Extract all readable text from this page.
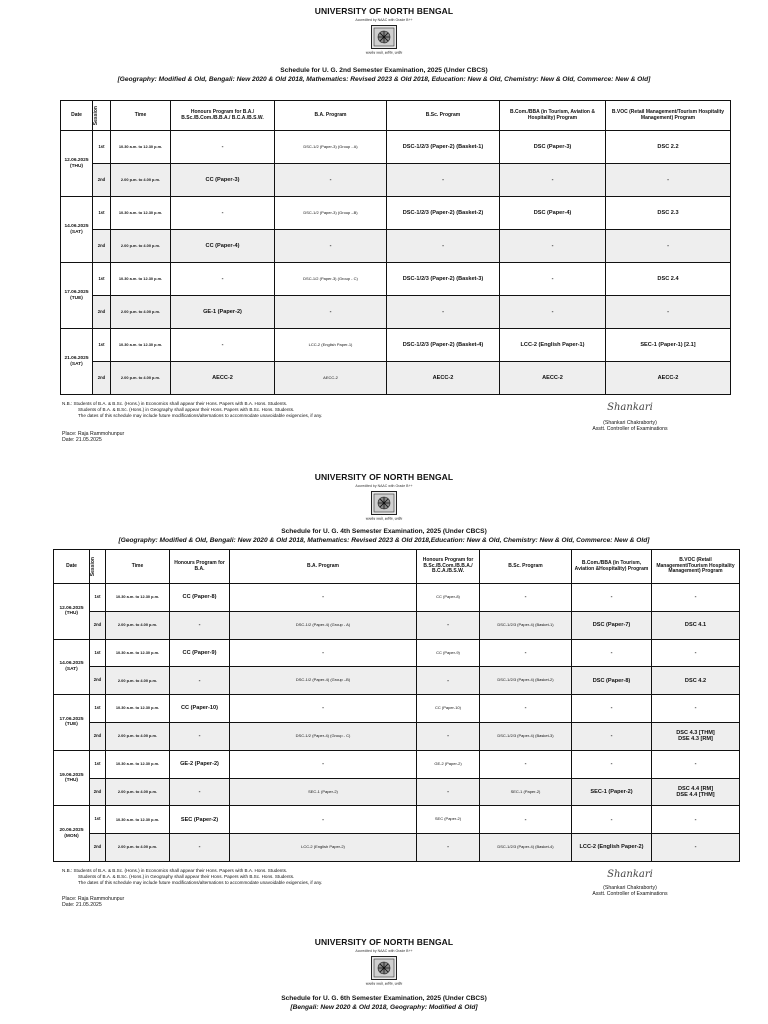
UNIVERSITY OF NORTH BENGAL
Accredited by NAAC with Grade B++
सत्यमेव जयते, शान्तिः, प्रगतिः
Schedule for U. G. 2nd Semester Examination, 2025 (Under CBCS)
[Geography: Modified & Old, Bengali: New 2020 & Old 2018, Mathematics: Revised 2023 & Old 2018, Education: New & Old, Chemistry: New & Old, Commerce: New & Old]
Date	Session	Time	Honours Program for B.A./ B.Sc./B.Com./B.B.A./ B.C.A./B.S.W.	B.A. Program	B.Sc. Program	B.Com./BBA (in Tourism, Aviation & Hospitality) Program	B.VOC (Retail Management/Tourism Hospitality Management) Program

12.06.2025
(THU)	1st	10.30 a.m. to 12.30 p.m.	-	DSC-1/2 (Paper-3) (Group - A)	DSC-1/2/3 (Paper-2) (Basket-1)	DSC (Paper-3)	DSC 2.2
	2nd	2.00 p.m. to 4.00 p.m.	CC (Paper-3)	-	-	-	-

14.06.2025
(SAT)	1st	10.30 a.m. to 12.30 p.m.	-	DSC-1/2 (Paper-3) (Group –B)	DSC-1/2/3 (Paper-2) (Basket-2)	DSC (Paper-4)	DSC 2.3
	2nd	2.00 p.m. to 4.00 p.m.	CC (Paper-4)	-	-	-	-

17.06.2025
(TUE)	1st	10.30 a.m. to 12.30 p.m.	-	DSC-1/2 (Paper-3) (Group - C)	DSC-1/2/3 (Paper-2) (Basket-3)	-	DSC 2.4
	2nd	2.00 p.m. to 4.00 p.m.	GE-1 (Paper-2)	-	-	-	-

21.06.2025
(SAT)	1st	10.30 a.m. to 12.30 p.m.	-	LCC-2 (English Paper-1)	DSC-1/2/3 (Paper-2) (Basket-4)	LCC-2 (English Paper-1)	SEC-1 (Paper-1) [2.1]
	2nd	2.00 p.m. to 4.00 p.m.	AECC-2	AECC-2	AECC-2	AECC-2	AECC-2
N.B.: Students of B.A. & B.Sc. (Hons.) in Economics shall appear their Hons. Papers with B.A. Hons. Students.
Students of B.A. & B.Sc. (Hons.) in Geography shall appear their Hons. Papers with B.Sc. Hons. Students.
The dates of this schedule may include future modifications/alternations to accommodate unavoidable exigencies, if any.
Place: Raja Rammohunpur
Date: 21.05.2025
Shankari
(Shankari Chakraborty)
Asstt. Controller of Examinations
UNIVERSITY OF NORTH BENGAL
Accredited by NAAC with Grade B++
सत्यमेव जयते, शान्तिः, प्रगतिः
Schedule for U. G. 4th Semester Examination, 2025 (Under CBCS)
[Geography: Modified & Old, Bengali: New 2020 & Old 2018, Mathematics: Revised 2023 & Old 2018,Education: New & Old, Chemistry: New & Old, Commerce: New & Old]
Date	Session	Time	Honours Program for B.A.	B.A. Program	Honours Program for B.Sc./B.Com./B.B.A./ B.C.A./B.S.W.	B.Sc. Program	B.Com./BBA (in Tourism, Aviation &Hospitality) Program	B.VOC (Retail Management/Tourism Hospitality Management) Program

12.06.2025
(THU)	1st	10.30 a.m. to 12.30 p.m.	CC (Paper-8)	-	CC (Paper-8)	-	-	-
	2nd	2.00 p.m. to 4.00 p.m.	-	DSC-1/2 (Paper-4) (Group - A)	-	DSC-1/2/3 (Paper-4) (Basket-1)	DSC (Paper-7)	DSC 4.1

14.06.2025
(SAT)	1st	10.30 a.m. to 12.30 p.m.	CC (Paper-9)	-	CC (Paper-9)	-	-	-
	2nd	2.00 p.m. to 4.00 p.m.	-	DSC-1/2 (Paper-4) (Group –B)	-	DSC-1/2/3 (Paper-4) (Basket-2)	DSC (Paper-8)	DSC 4.2

17.06.2025
(TUE)	1st	10.30 a.m. to 12.30 p.m.	CC (Paper-10)	-	CC (Paper-10)	-	-	-
	2nd	2.00 p.m. to 4.00 p.m.	-	DSC-1/2 (Paper-4) (Group - C)	-	DSC-1/2/3 (Paper-4) (Basket-3)	-	DSC 4.3 [THM]
DSE 4.3 [RM]

19.06.2025
(THU)	1st	10.30 a.m. to 12.30 p.m.	GE-2 (Paper-2)	-	GE-2 (Paper-2)	-	-	-
	2nd	2.00 p.m. to 4.00 p.m.	-	SEC-1 (Paper-2)	-	SEC-1 (Paper-2)	SEC-1 (Paper-2)	DSC 4.4 [RM]
DSE 4.4 [THM]

20.06.2025
(MON)	1st	10.30 a.m. to 12.30 p.m.	SEC (Paper-2)	-	SEC (Paper-2)	-	-	-
	2nd	2.00 p.m. to 4.00 p.m.	-	LCC-2 (English Paper-2)	-	DSC-1/2/3 (Paper-4) (Basket-4)	LCC-2 (English Paper-2)	-
N.B.: Students of B.A. & B.Sc. (Hons.) in Economics shall appear their Hons. Papers with B.A. Hons. Students.
Students of B.A. & B.Sc. (Hons.) in Geography shall appear their Hons. Papers with B.Sc. Hons. Students.
The dates of this schedule may include future modifications/alternations to accommodate unavoidable exigencies, if any.
Place: Raja Rammohunpur
Date: 21.05.2025
Shankari
(Shankari Chakraborty)
Asstt. Controller of Examinations
UNIVERSITY OF NORTH BENGAL
Accredited by NAAC with Grade B++
सत्यमेव जयते, शान्तिः, प्रगतिः
Schedule for U. G. 6th Semester Examination, 2025 (Under CBCS)
[Bengali: New 2020 & Old 2018, Geography: Modified & Old]
